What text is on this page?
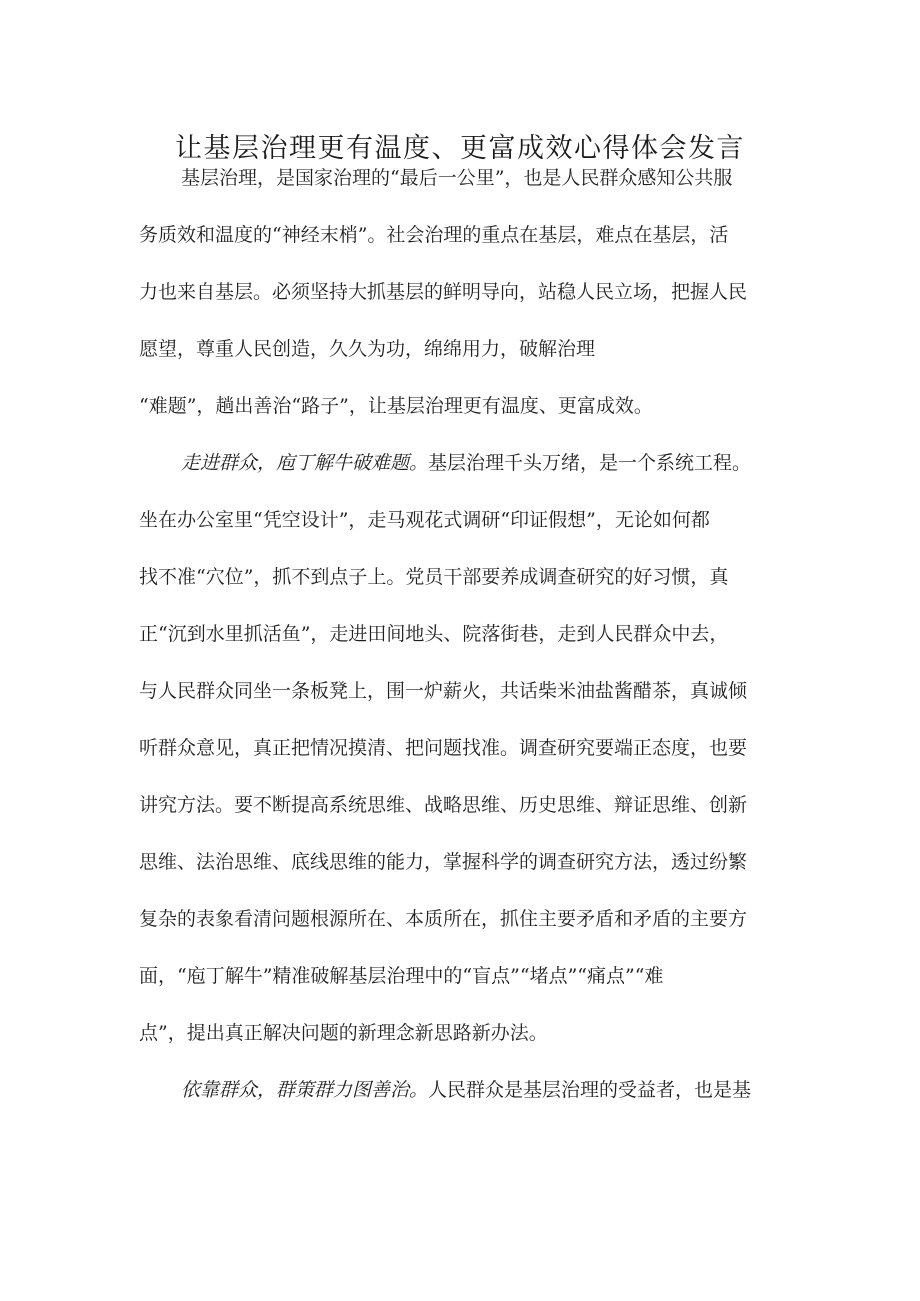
让基层治理更有温度、更富成效心得体会发言
基层治理，是国家治理的“最后一公里”，也是人民群众感知公共服
务质效和温度的“神经末梢”。社会治理的重点在基层，难点在基层，活
力也来自基层。必须坚持大抓基层的鲜明导向，站稳人民立场，把握人民
愿望，尊重人民创造，久久为功，绵绵用力，破解治理
“难题”，趟出善治“路子”，让基层治理更有温度、更富成效。
走进群众，庖丁解牛破难题。基层治理千头万绪，是一个系统工程。
坐在办公室里“凭空设计”，走马观花式调研“印证假想”，无论如何都
找不准“穴位”，抓不到点子上。党员干部要养成调查研究的好习惯，真
正“沉到水里抓活鱼”，走进田间地头、院落街巷，走到人民群众中去，
与人民群众同坐一条板凳上，围一炉薪火，共话柴米油盐酱醋茶，真诚倾
听群众意见，真正把情况摸清、把问题找准。调查研究要端正态度，也要
讲究方法。要不断提高系统思维、战略思维、历史思维、辩证思维、创新
思维、法治思维、底线思维的能力，掌握科学的调查研究方法，透过纷繁
复杂的表象看清问题根源所在、本质所在，抓住主要矛盾和矛盾的主要方
面，“庖丁解牛”精准破解基层治理中的“盲点”“堵点”“痛点”“难
点”，提出真正解决问题的新理念新思路新办法。
依靠群众，群策群力图善治。人民群众是基层治理的受益者，也是基
